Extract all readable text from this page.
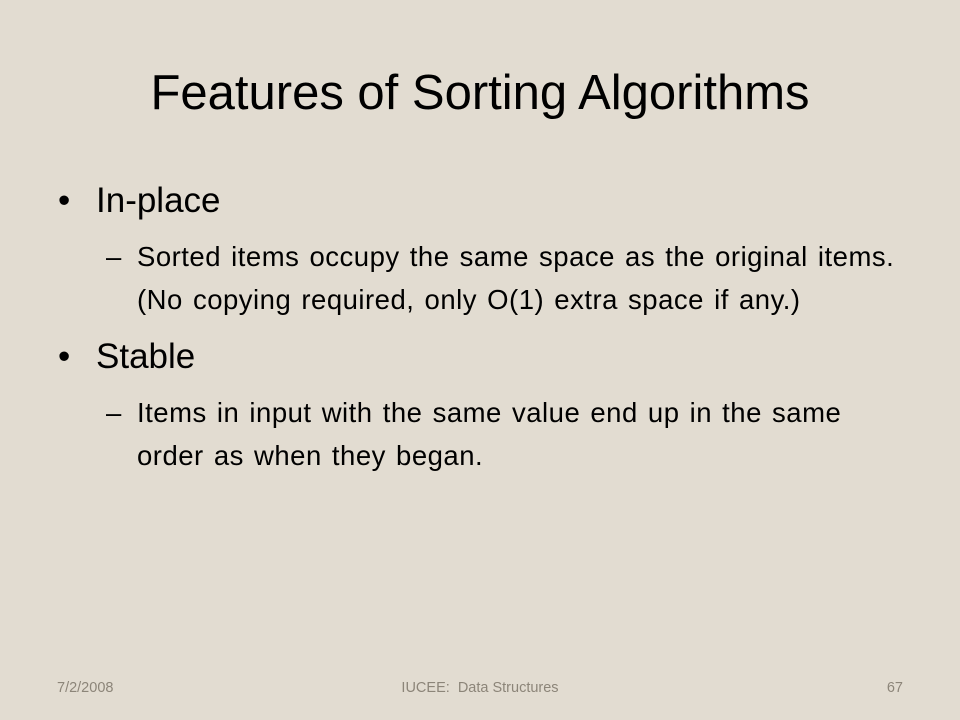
Features of Sorting Algorithms
• In-place
– Sorted items occupy the same space as the original items. (No copying required, only O(1) extra space if any.)
• Stable
– Items in input with the same value end up in the same order as when they began.
7/2/2008	IUCEE:  Data Structures	67
